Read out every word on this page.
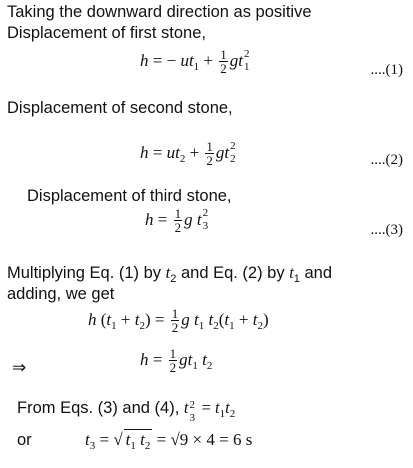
Taking the downward direction as positive
Displacement of first stone,
h = − $ut_1 + \frac{1}{2}$ gt 2
1	....(1)
Displacement of second stone,
$h = ut_2 + \frac{1}{2}$ gt 2
2	....(2)
Displacement of third stone,
$h = \frac{1}{2}$ g t 2
3	....(3)
Multiplying Eq. (1) by $t_2$ and Eq. (2) by $t_1$ and
adding, we get
h $(t_1 + t_2) = \frac{1}{2}$ g $t_1$ $t_2(t_1 + t_2)$
⇒	$h = \frac{1}{2} gt_1$ $t_2$
From Eqs. (3) and (4), t 2
3
= $t_1t_2$
or	$t_3$ = √ $t_1$ $t_2 = √9 \times 4 = 6$ s
